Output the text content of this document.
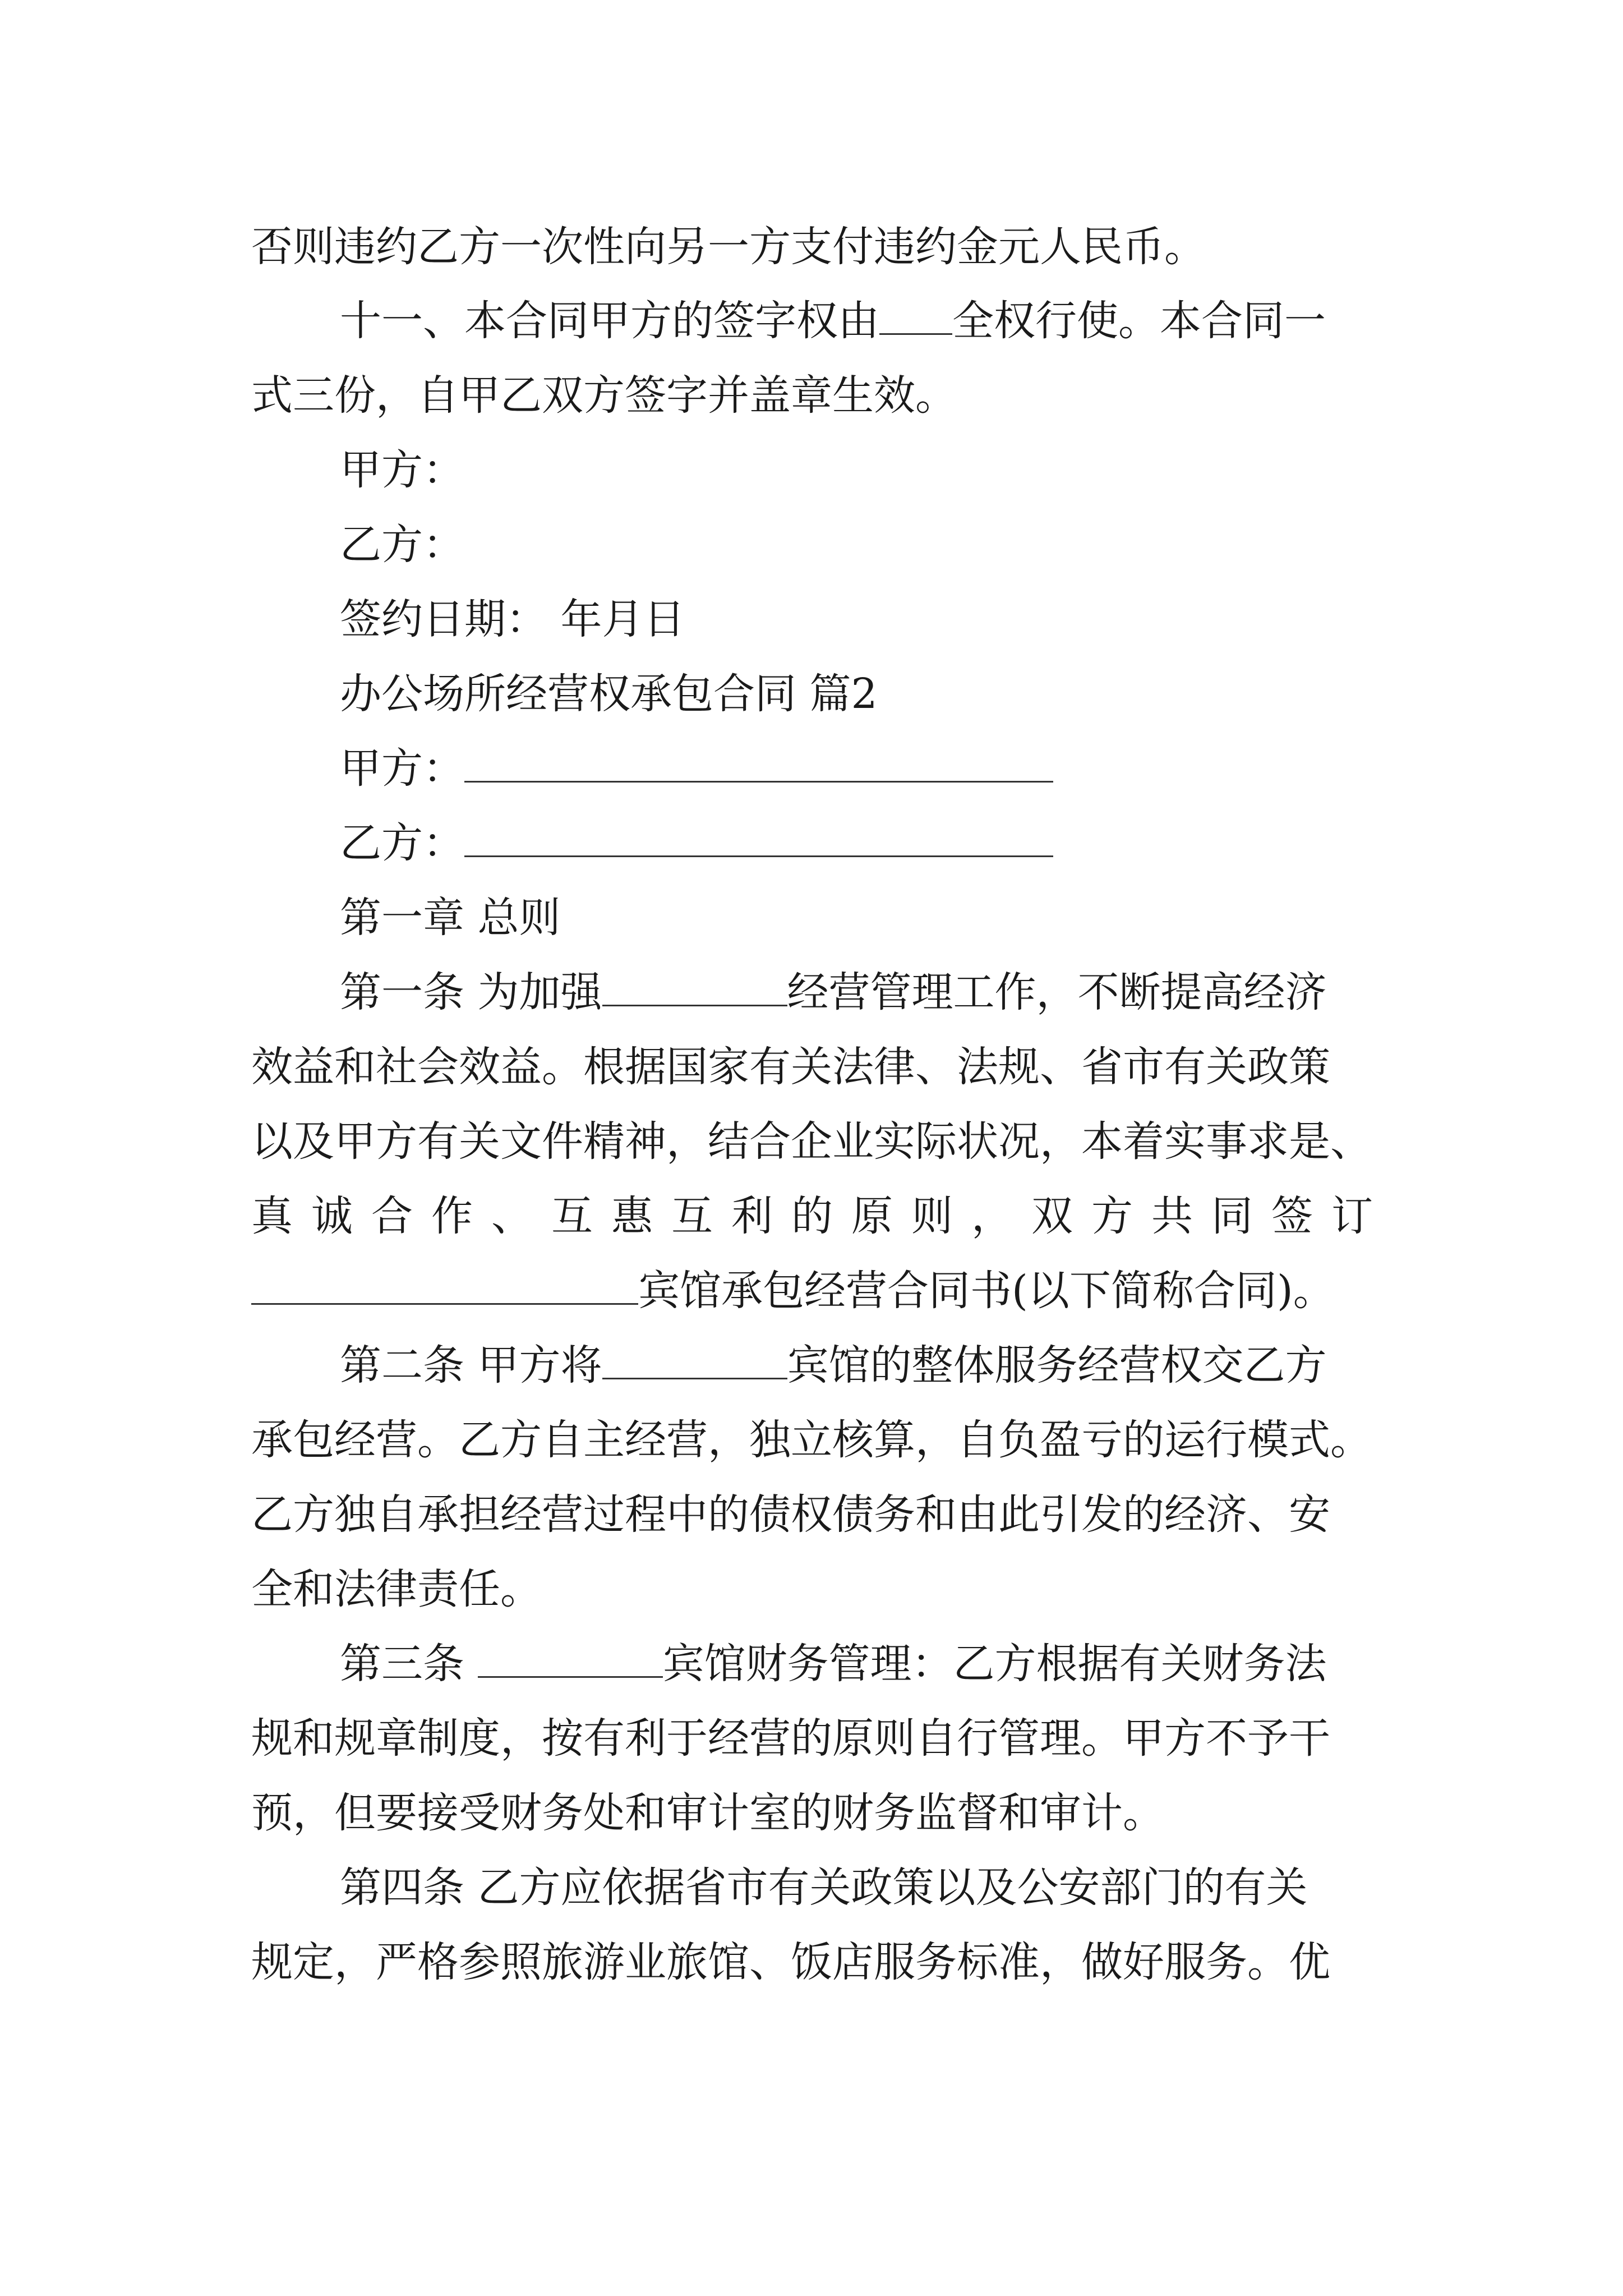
否则违约乙方一次性向另一方支付违约金元人民币。
十一、本合同甲方的签字权由 全权行使。本合同一
式三份，自甲乙双方签字并盖章生效。
甲方：
乙方：
签约日期： 年月日
办公场所经营权承包合同 篇2
甲方：
乙方：
第一章 总则
第一条 为加强	经营管理工作，不断提高经济
效益和社会效益。根据国家有关法律、法规、省市有关政策
以及甲方有关文件精神，结合企业实际状况，本着实事求是、
真 诚 合 作 、 互 惠 互 利 的 原 则 ， 双 方 共 同 签 订
宾馆承包经营合同书(以下简称合同)。
第二条 甲方将	宾馆的整体服务经营权交乙方
承包经营。乙方自主经营，独立核算，自负盈亏的运行模式。
乙方独自承担经营过程中的债权债务和由此引发的经济、安
全和法律责任。
第三条	宾馆财务管理：乙方根据有关财务法
规和规章制度，按有利于经营的原则自行管理。甲方不予干
预，但要接受财务处和审计室的财务监督和审计。
第四条 乙方应依据省市有关政策以及公安部门的有关
规定，严格参照旅游业旅馆、饭店服务标准，做好服务。优
